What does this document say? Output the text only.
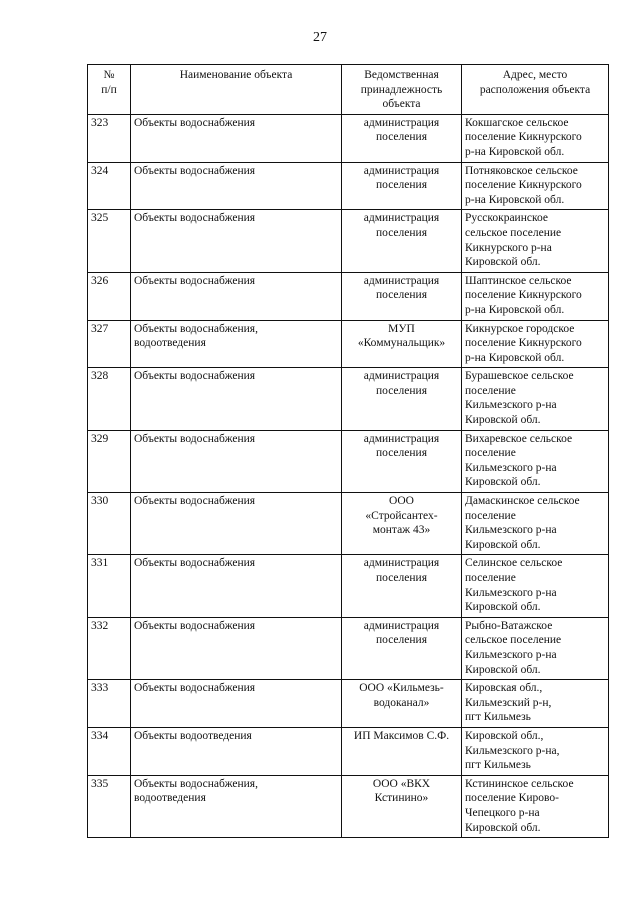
27
№
п/п	Наименование объекта	Ведомственная
принадлежность
объекта	Адрес, место
расположения объекта
323	Объекты водоснабжения	администрация
поселения	Кокшагское сельское
поселение Кикнурского
р-на Кировской обл.
324	Объекты водоснабжения	администрация
поселения	Потняковское сельское
поселение Кикнурского
р-на Кировской обл.
325	Объекты водоснабжения	администрация
поселения	Русскокраинское
сельское поселение
Кикнурского р-на
Кировской обл.
326	Объекты водоснабжения	администрация
поселения	Шаптинское сельское
поселение Кикнурского
р-на Кировской обл.
327	Объекты водоснабжения,
водоотведения	МУП
«Коммунальщик»	Кикнурское городское
поселение Кикнурского
р-на Кировской обл.
328	Объекты водоснабжения	администрация
поселения	Бурашевское сельское
поселение
Кильмезского р-на
Кировской обл.
329	Объекты водоснабжения	администрация
поселения	Вихаревское сельское
поселение
Кильмезского р-на
Кировской обл.
330	Объекты водоснабжения	ООО
«Стройсантех-
монтаж 43»	Дамаскинское сельское
поселение
Кильмезского р-на
Кировской обл.
331	Объекты водоснабжения	администрация
поселения	Селинское сельское
поселение
Кильмезского р-на
Кировской обл.
332	Объекты водоснабжения	администрация
поселения	Рыбно-Ватажское
сельское поселение
Кильмезского р-на
Кировской обл.
333	Объекты водоснабжения	ООО «Кильмезь-
водоканал»	Кировская обл.,
Кильмезский р-н,
пгт Кильмезь
334	Объекты водоотведения	ИП Максимов С.Ф.	Кировской обл.,
Кильмезского р-на,
пгт Кильмезь
335	Объекты водоснабжения,
водоотведения	ООО «ВКХ
Кстинино»	Кстининское сельское
поселение Кирово-
Чепецкого р-на
Кировской обл.
